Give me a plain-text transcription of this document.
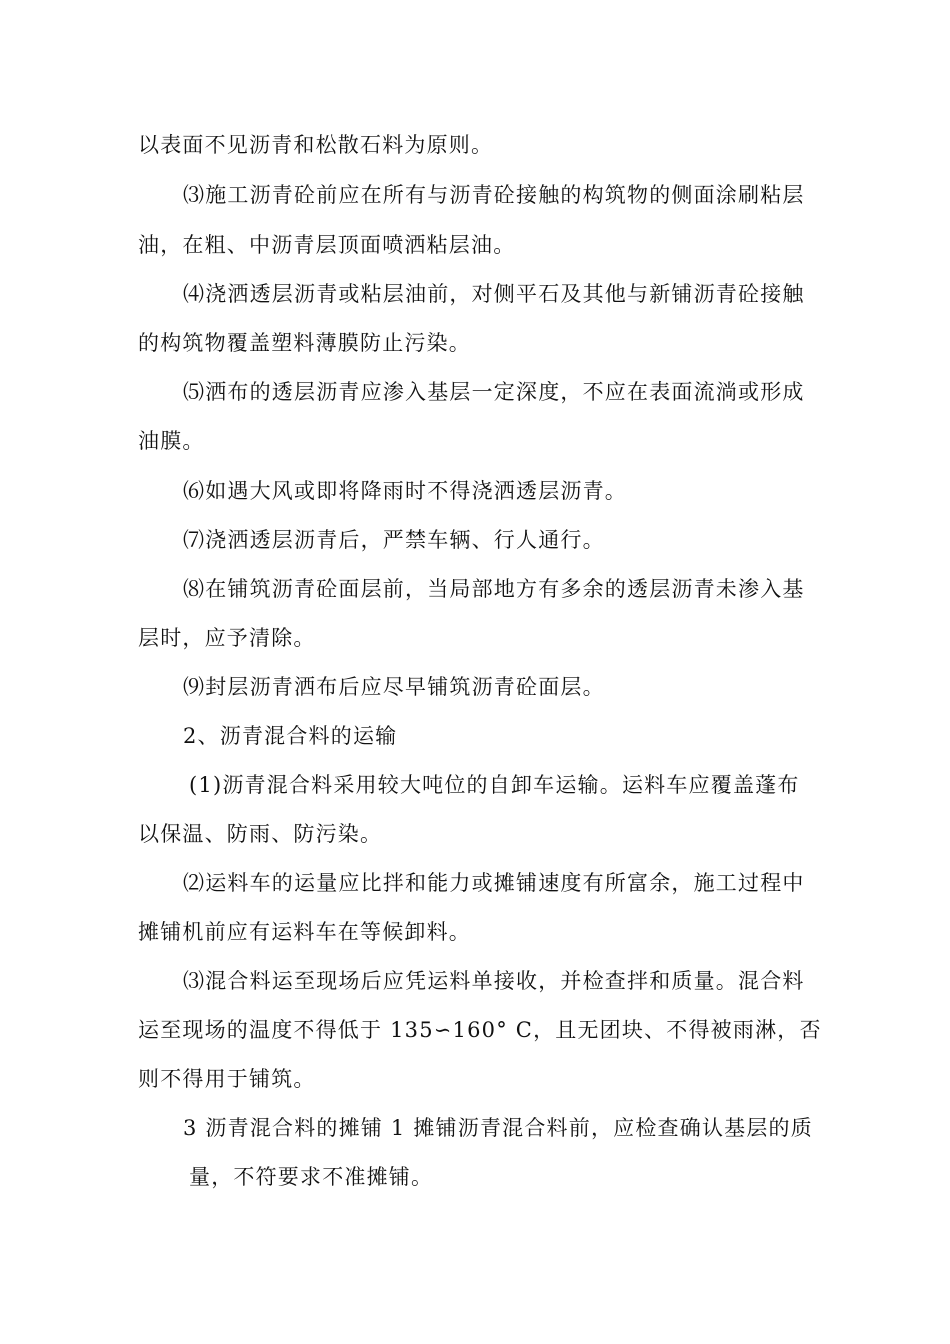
以表面不见沥青和松散石料为原则。
⑶施工沥青砼前应在所有与沥青砼接触的构筑物的侧面涂刷粘层
油，在粗、中沥青层顶面喷洒粘层油。
⑷浇洒透层沥青或粘层油前，对侧平石及其他与新铺沥青砼接触
的构筑物覆盖塑料薄膜防止污染。
⑸洒布的透层沥青应渗入基层一定深度，不应在表面流淌或形成
油膜。
⑹如遇大风或即将降雨时不得浇洒透层沥青。
⑺浇洒透层沥青后，严禁车辆、行人通行。
⑻在铺筑沥青砼面层前，当局部地方有多余的透层沥青未渗入基
层时，应予清除。
⑼封层沥青洒布后应尽早铺筑沥青砼面层。
2、沥青混合料的运输
(1)沥青混合料采用较大吨位的自卸车运输。运料车应覆盖蓬布
以保温、防雨、防污染。
⑵运料车的运量应比拌和能力或摊铺速度有所富余，施工过程中
摊铺机前应有运料车在等候卸料。
⑶混合料运至现场后应凭运料单接收，并检查拌和质量。混合料
运至现场的温度不得低于 135∽160° C，且无团块、不得被雨淋，否
则不得用于铺筑。
3 沥青混合料的摊铺 1 摊铺沥青混合料前，应检查确认基层的质
量，不符要求不准摊铺。
